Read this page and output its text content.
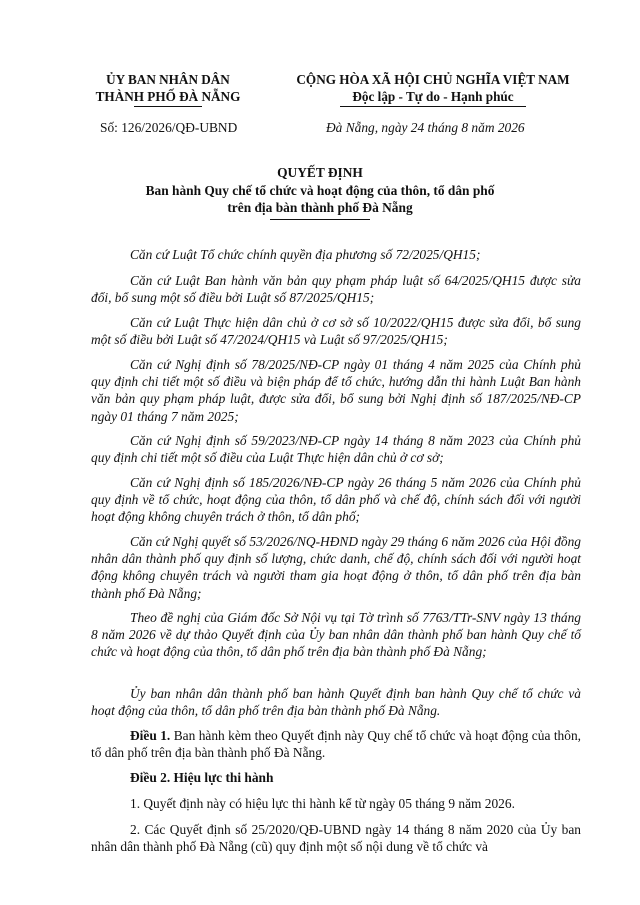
ỦY BAN NHÂN DÂN
THÀNH PHỐ ĐÀ NẴNG
CỘNG HÒA XÃ HỘI CHỦ NGHĨA VIỆT NAM
Độc lập - Tự do - Hạnh phúc
Số: 126/2026/QĐ-UBND	Đà Nẵng, ngày 24 tháng 8 năm 2026
QUYẾT ĐỊNH
Ban hành Quy chế tổ chức và hoạt động của thôn, tổ dân phố
trên địa bàn thành phố Đà Nẵng
Căn cứ Luật Tổ chức chính quyền địa phương số 72/2025/QH15;
Căn cứ Luật Ban hành văn bản quy phạm pháp luật số 64/2025/QH15 được sửa đổi, bổ sung một số điều bởi Luật số 87/2025/QH15;
Căn cứ Luật Thực hiện dân chủ ở cơ sở số 10/2022/QH15 được sửa đổi, bổ sung một số điều bởi Luật số 47/2024/QH15 và Luật số 97/2025/QH15;
Căn cứ Nghị định số 78/2025/NĐ-CP ngày 01 tháng 4 năm 2025 của Chính phủ quy định chi tiết một số điều và biện pháp để tổ chức, hướng dẫn thi hành Luật Ban hành văn bản quy phạm pháp luật, được sửa đổi, bổ sung bởi Nghị định số 187/2025/NĐ-CP ngày 01 tháng 7 năm 2025;
Căn cứ Nghị định số 59/2023/NĐ-CP ngày 14 tháng 8 năm 2023 của Chính phủ quy định chi tiết một số điều của Luật Thực hiện dân chủ ở cơ sở;
Căn cứ Nghị định số 185/2026/NĐ-CP ngày 26 tháng 5 năm 2026 của Chính phủ quy định về tổ chức, hoạt động của thôn, tổ dân phố và chế độ, chính sách đối với người hoạt động không chuyên trách ở thôn, tổ dân phố;
Căn cứ Nghị quyết số 53/2026/NQ-HĐND ngày 29 tháng 6 năm 2026 của Hội đồng nhân dân thành phố quy định số lượng, chức danh, chế độ, chính sách đối với người hoạt động không chuyên trách và người tham gia hoạt động ở thôn, tổ dân phố trên địa bàn thành phố Đà Nẵng;
Theo đề nghị của Giám đốc Sở Nội vụ tại Tờ trình số 7763/TTr-SNV ngày 13 tháng 8 năm 2026 về dự thảo Quyết định của Ủy ban nhân dân thành phố ban hành Quy chế tổ chức và hoạt động của thôn, tổ dân phố trên địa bàn thành phố Đà Nẵng;
Ủy ban nhân dân thành phố ban hành Quyết định ban hành Quy chế tổ chức và hoạt động của thôn, tổ dân phố trên địa bàn thành phố Đà Nẵng.
Điều 1. Ban hành kèm theo Quyết định này Quy chế tổ chức và hoạt động của thôn, tổ dân phố trên địa bàn thành phố Đà Nẵng.
Điều 2. Hiệu lực thi hành
1. Quyết định này có hiệu lực thi hành kể từ ngày 05 tháng 9 năm 2026.
2. Các Quyết định số 25/2020/QĐ-UBND ngày 14 tháng 8 năm 2020 của Ủy ban nhân dân thành phố Đà Nẵng (cũ) quy định một số nội dung về tổ chức và
